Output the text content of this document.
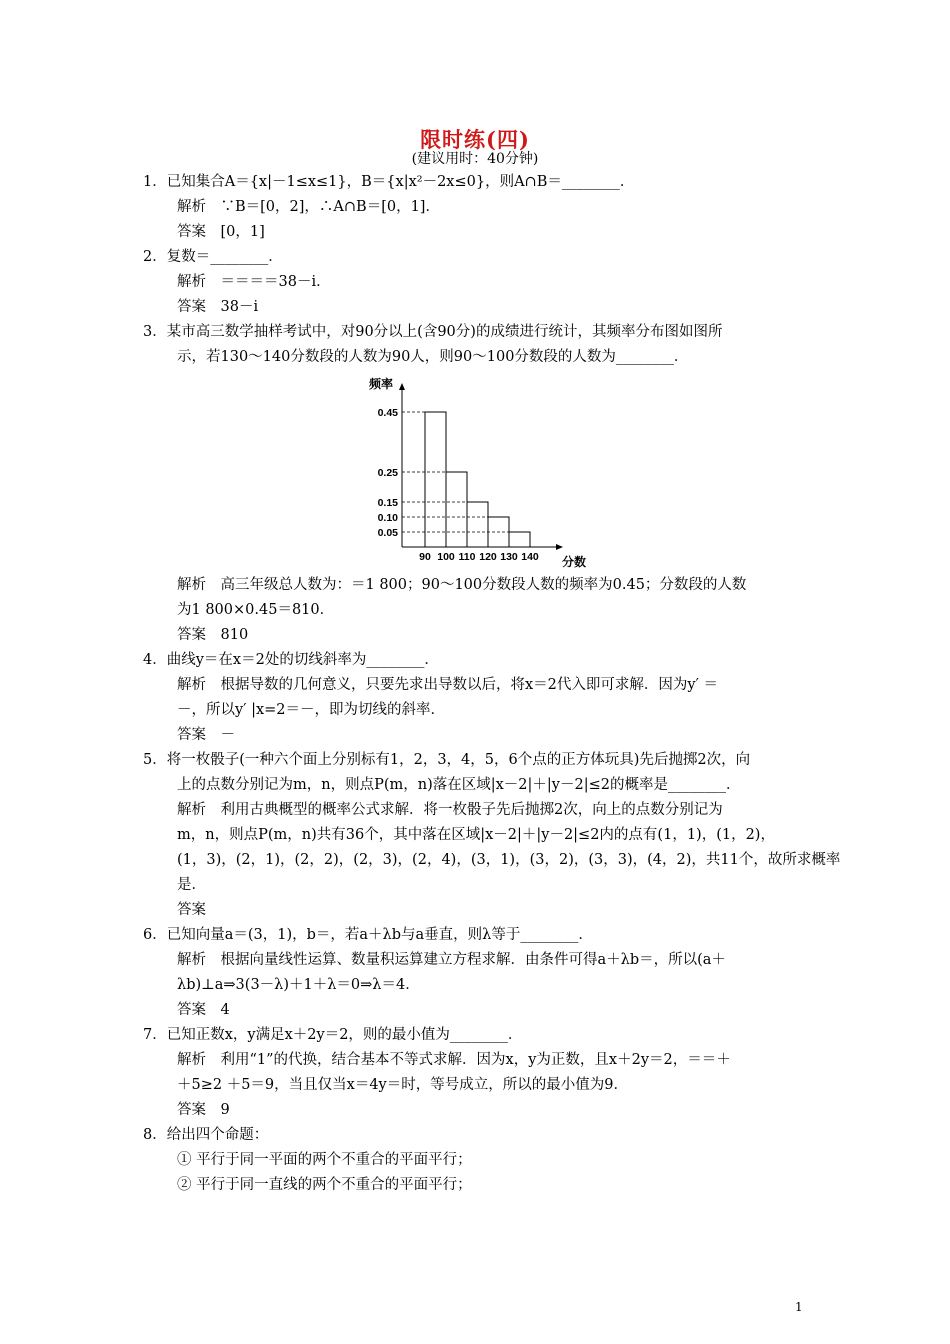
限时练(四)
(建议用时：40分钟)
1．已知集合A＝{x|－1≤x≤1}，B＝{x|x²－2x≤0}，则A∩B＝________．
解析　∵B＝[0，2]，∴A∩B＝[0，1]．
答案　[0，1]
2．复数＝________．
解析　＝＝＝＝38－i．
答案　38－i
3．某市高三数学抽样考试中，对90分以上(含90分)的成绩进行统计，其频率分布图如图所
示，若130～140分数段的人数为90人，则90～100分数段的人数为________．
频率
分数
0.45
0.25
0.15
0.10
0.05
90 100 110 120 130 140
解析　高三年级总人数为：＝1 800；90～100分数段人数的频率为0.45；分数段的人数
为1 800×0.45＝810．
答案　810
4．曲线y＝在x＝2处的切线斜率为________．
解析　根据导数的几何意义，只要先求出导数以后，将x＝2代入即可求解．因为y′ ＝
－，所以y′ |x=2＝－，即为切线的斜率．
答案　－
5．将一枚骰子(一种六个面上分别标有1，2，3，4，5，6个点的正方体玩具)先后抛掷2次，向
上的点数分别记为m，n，则点P(m，n)落在区域|x－2|＋|y－2|≤2的概率是________．
解析　利用古典概型的概率公式求解．将一枚骰子先后抛掷2次，向上的点数分别记为
m，n，则点P(m，n)共有36个，其中落在区域|x－2|＋|y－2|≤2内的点有(1，1)，(1，2)，
(1，3)，(2，1)，(2，2)，(2，3)，(2，4)，(3，1)，(3，2)，(3，3)，(4，2)，共11个，故所求概率
是．
答案
6．已知向量a＝(3，1)，b＝，若a＋λb与a垂直，则λ等于________．
解析　根据向量线性运算、数量积运算建立方程求解．由条件可得a＋λb＝，所以(a＋
λb)⊥a⇒3(3－λ)＋1＋λ＝0⇒λ＝4．
答案　4
7．已知正数x，y满足x＋2y＝2，则的最小值为________．
解析　利用“1”的代换，结合基本不等式求解．因为x，y为正数，且x＋2y＝2，＝＝＋
＋5≥2 ＋5＝9，当且仅当x＝4y＝时，等号成立，所以的最小值为9．
答案　9
8．给出四个命题：
① 平行于同一平面的两个不重合的平面平行；
② 平行于同一直线的两个不重合的平面平行；
1
